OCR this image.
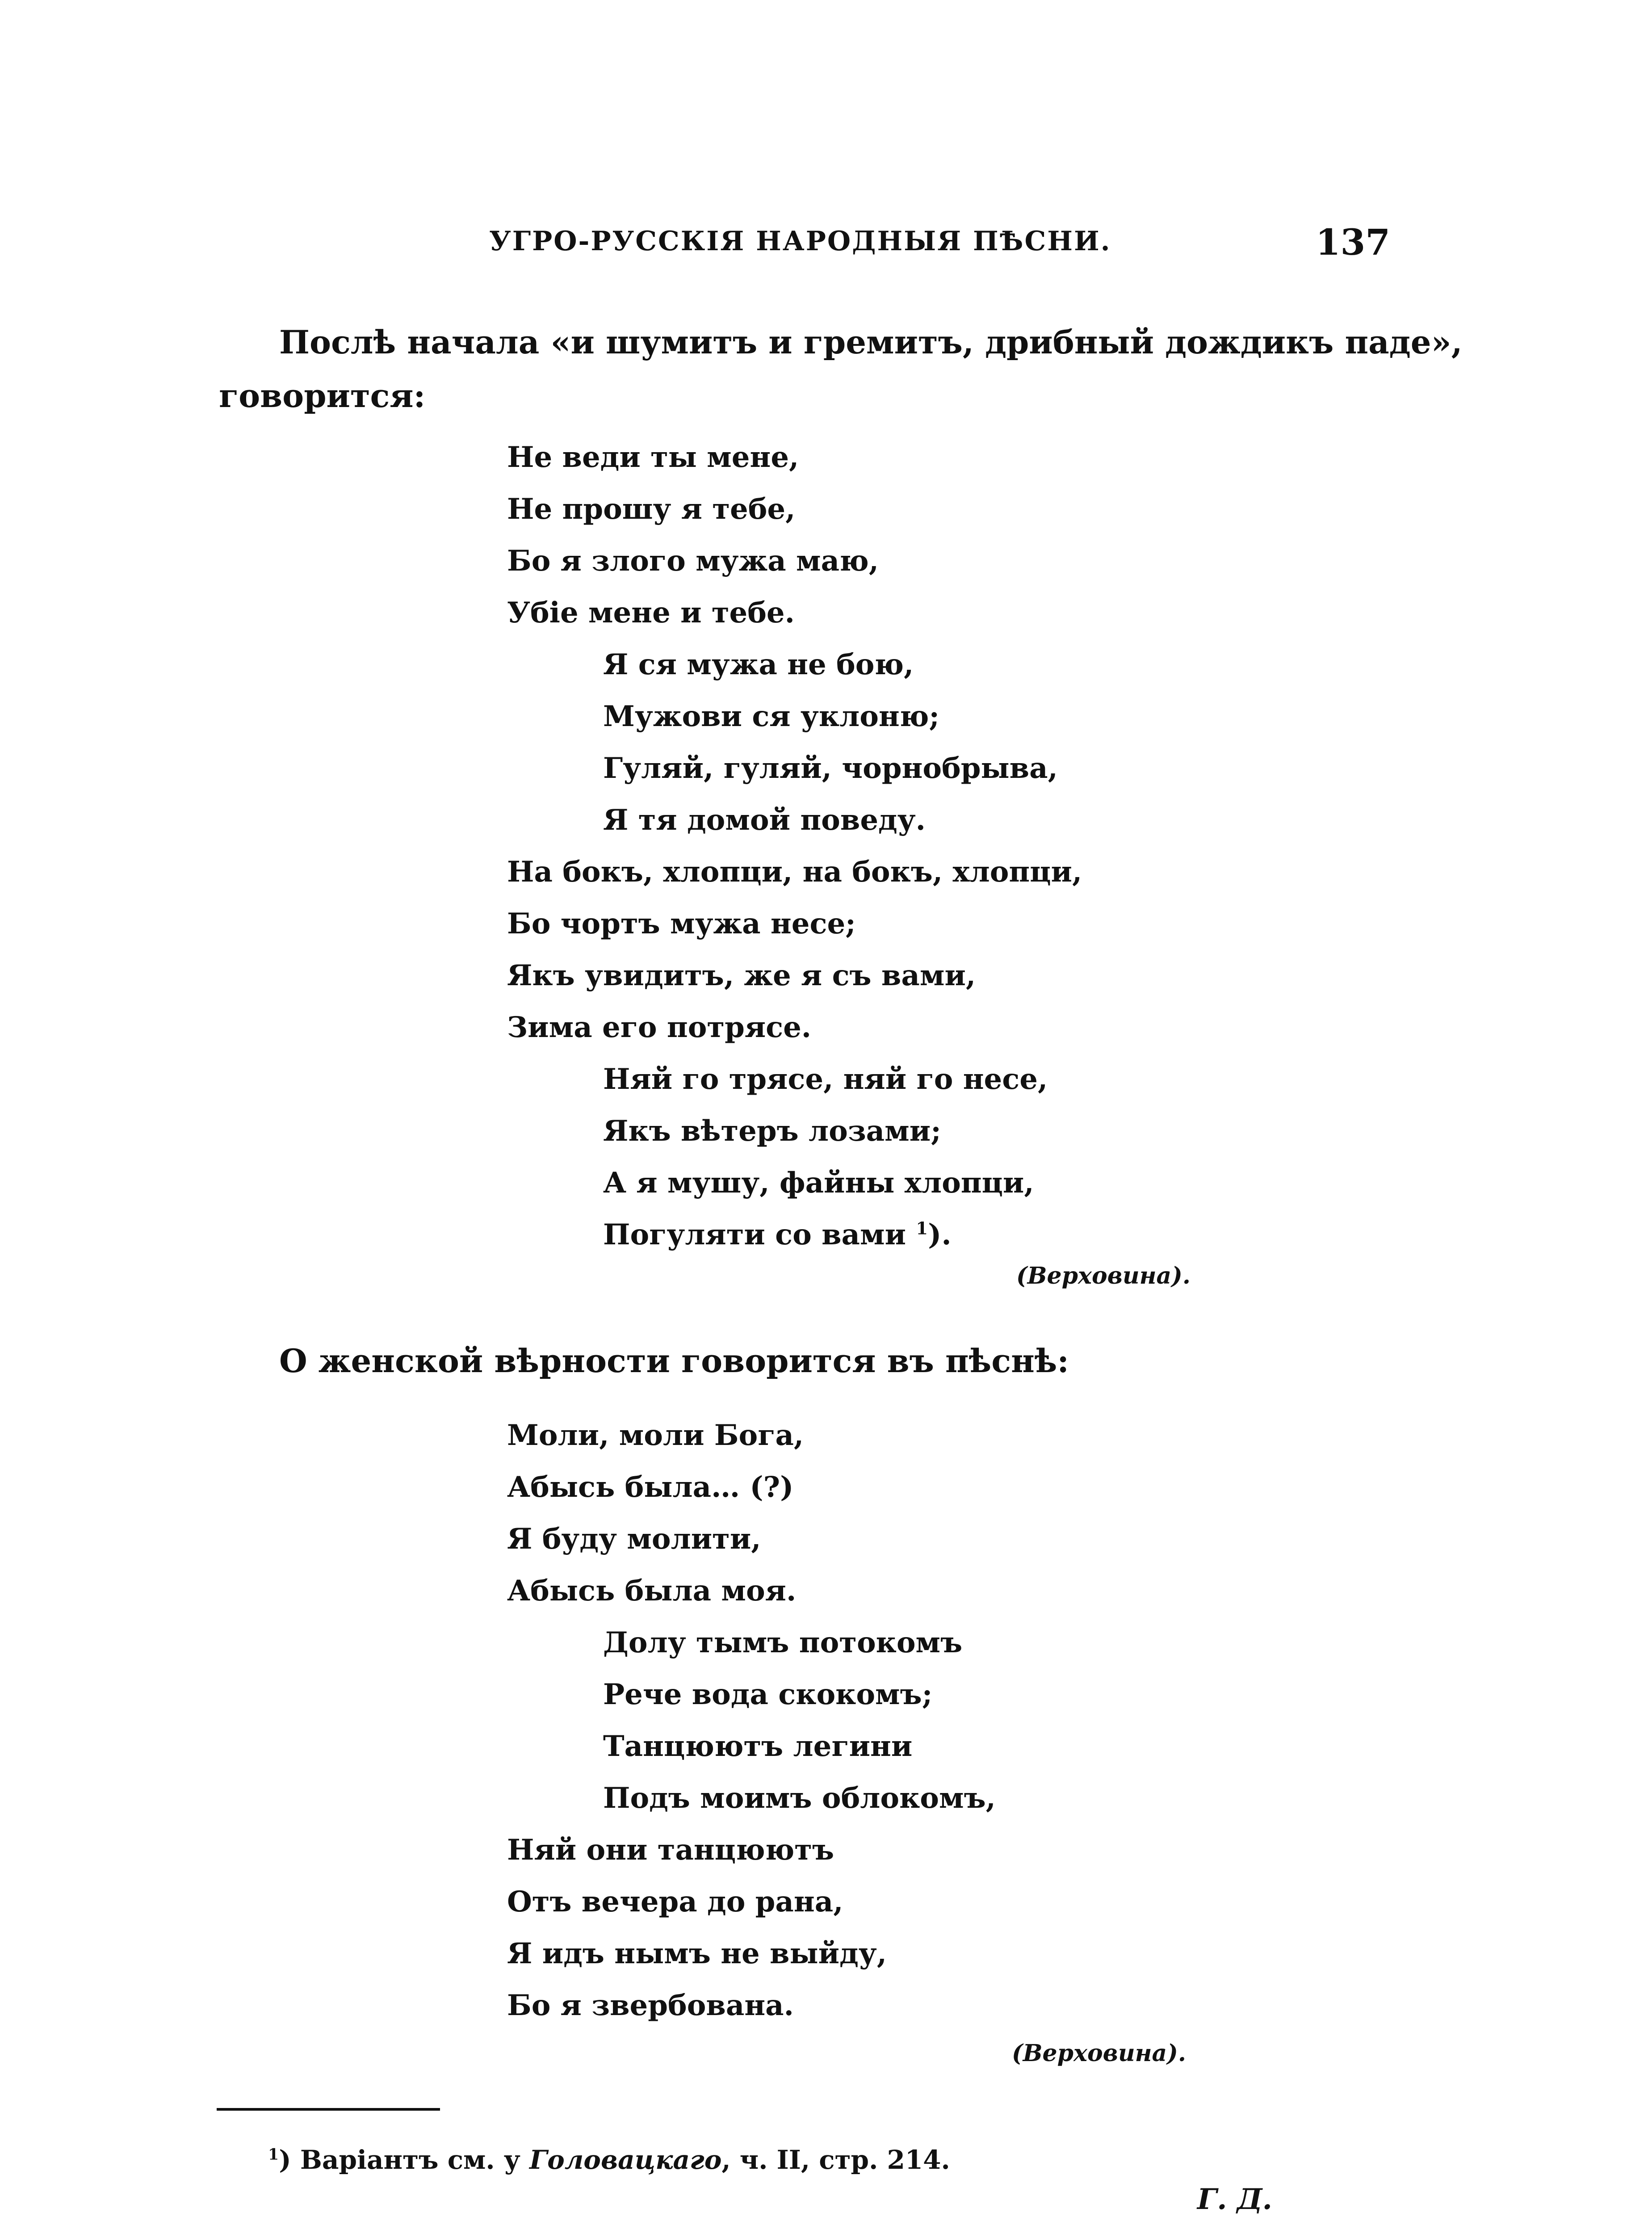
УГРО-РУССКІЯ НАРОДНЫЯ ПѢСНИ.	137
Послѣ начала «и шумитъ и гремитъ, дрибный дождикъ паде»,
говорится:
Не веди ты мене,
Не прошу я тебе,
Бо я злого мужа маю,
Убіе мене и тебе.
Я ся мужа не бою,
Мужови ся уклоню;
Гуляй, гуляй, чорнобрыва,
Я тя домой поведу.
На бокъ, хлопци, на бокъ, хлопци,
Бо чортъ мужа несе;
Якъ увидитъ, же я съ вами,
Зима его потрясе.
Няй го трясе, няй го несе,
Якъ вѣтеръ лозами;
А я мушу, файны хлопци,
Погуляти со вами $^1$).
(Верховина).
О женской вѣрности говорится въ пѣснѣ:
Моли, моли Бога,
Абысь была… (?)
Я буду молити,
Абысь была моя.
Долу тымъ потокомъ
Рече вода скокомъ;
Танцюютъ легини
Подъ моимъ облокомъ,
Няй они танцюютъ
Отъ вечера до рана,
Я идъ нымъ не выйду,
Бо я звербована.
(Верховина).
$^1$) Варіантъ см. у Головацкаго, ч. II, стр. 214.
Г. Д.
